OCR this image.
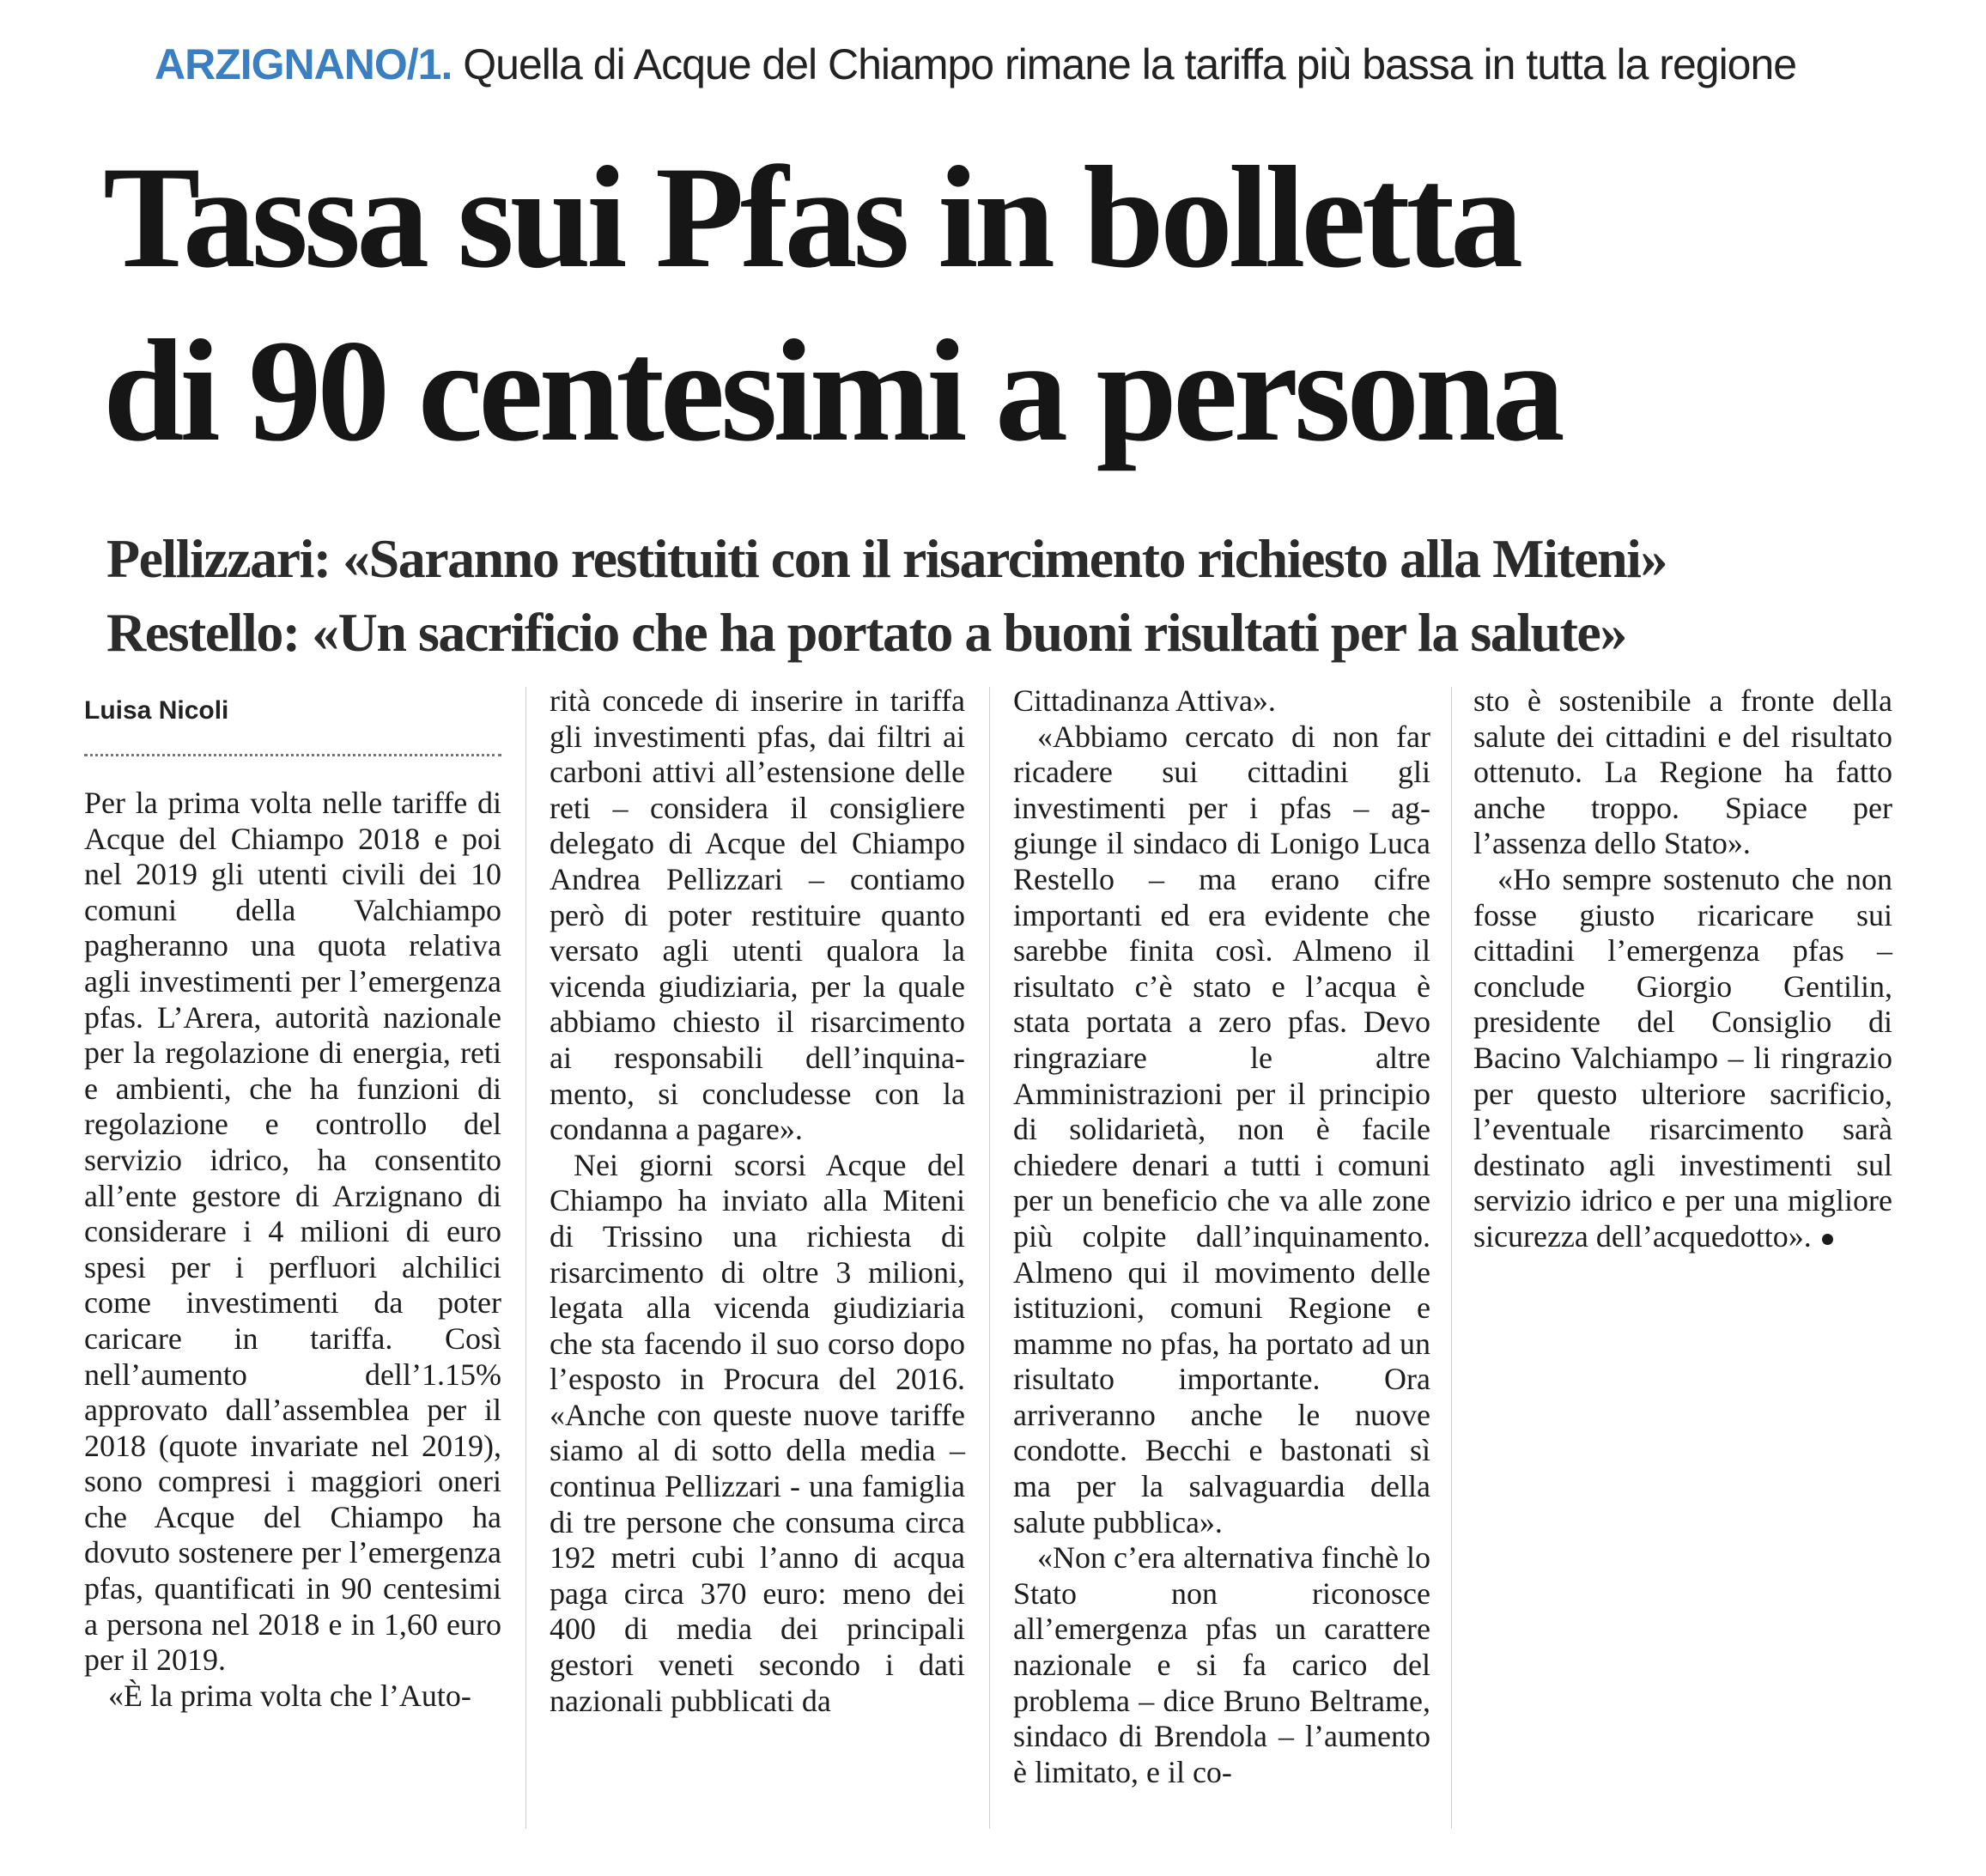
ARZIGNANO/1. Quella di Acque del Chiampo rimane la tariffa più bassa in tutta la regione
Tassa sui Pfas in bolletta
di 90 centesimi a persona
Pellizzari: «Saranno restituiti con il risarcimento richiesto alla Miteni»
Restello: «Un sacrificio che ha portato a buoni risultati per la salute»
Luisa Nicoli

Per la prima volta nelle tariffe di Acque del Chiampo 2018 e poi nel 2019 gli utenti civili dei 10 comuni della Valchiampo pagheranno una quota relativa agli investimenti per l’emergenza pfas. L’Arera, autorità nazionale per la regolazione di energia, reti e ambienti, che ha funzioni di regolazione e controllo del servizio idrico, ha consentito all’ente gestore di Arzignano di considerare i 4 milioni di euro spesi per i perfluori alchilici come investimenti da poter caricare in tariffa. Così nell’aumento dell’1.15% approvato dall’assemblea per il 2018 (quote invariate nel 2019), sono compresi i maggiori oneri che Acque del Chiampo ha dovuto sostenere per l’emergenza pfas, quantificati in 90 centesimi a persona nel 2018 e in 1,60 euro per il 2019.

«È la prima volta che l’Auto-

rità concede di inserire in tariffa gli investimenti pfas, dai filtri ai carboni attivi all’estensione delle reti – considera il consigliere delegato di Acque del Chiampo Andrea Pellizzari – contiamo però di poter restituire quanto versato agli utenti qualora la vicenda giudiziaria, per la quale abbiamo chiesto il risarcimento ai responsabili dell’inquinamento, si concludesse con la condanna a pagare».

Nei giorni scorsi Acque del Chiampo ha inviato alla Miteni di Trissino una richiesta di risarcimento di oltre 3 milioni, legata alla vicenda giudiziaria che sta facendo il suo corso dopo l’esposto in Procura del 2016. «Anche con queste nuove tariffe siamo al di sotto della media – continua Pellizzari - una famiglia di tre persone che consuma circa 192 metri cubi l’anno di acqua paga circa 370 euro: meno dei 400 di media dei principali gestori veneti secondo i dati nazionali pubblicati da

Cittadinanza Attiva».

«Abbiamo cercato di non far ricadere sui cittadini gli investimenti per i pfas – aggiunge il sindaco di Lonigo Luca Restello – ma erano cifre importanti ed era evidente che sarebbe finita così. Almeno il risultato c’è stato e l’acqua è stata portata a zero pfas. Devo ringraziare le altre Amministrazioni per il principio di solidarietà, non è facile chiedere denari a tutti i comuni per un beneficio che va alle zone più colpite dall’inquinamento. Almeno qui il movimento delle istituzioni, comuni Regione e mamme no pfas, ha portato ad un risultato importante. Ora arriveranno anche le nuove condotte. Becchi e bastonati sì ma per la salvaguardia della salute pubblica».

«Non c’era alternativa finchè lo Stato non riconosce all’emergenza pfas un carattere nazionale e si fa carico del problema – dice Bruno Beltrame, sindaco di Brendola – l’aumento è limitato, e il co-

sto è sostenibile a fronte della salute dei cittadini e del risultato ottenuto. La Regione ha fatto anche troppo. Spiace per l’assenza dello Stato».

«Ho sempre sostenuto che non fosse giusto ricaricare sui cittadini l’emergenza pfas – conclude Giorgio Gentilin, presidente del Consiglio di Bacino Valchiampo – li ringrazio per questo ulteriore sacrificio, l’eventuale risarcimento sarà destinato agli investimenti sul servizio idrico e per una migliore sicurezza dell’acquedotto».
